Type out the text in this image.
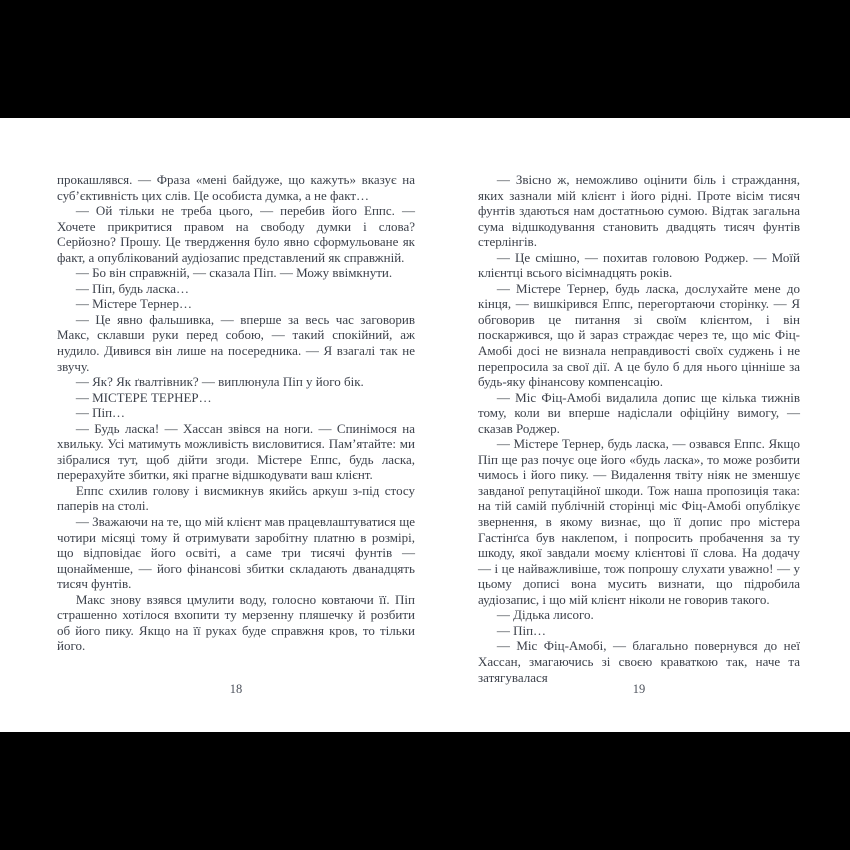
прокашлявся. — Фраза «мені байдуже, що кажуть» вказує на суб’єктивність цих слів. Це особиста думка, а не факт…

— Ой тільки не треба цього, — перебив його Еппс. — Хочете прикритися правом на свободу думки і слова? Серйозно? Прошу. Це твердження було явно сформульоване як факт, а опублікований аудіозапис представлений як справжній.

— Бо він справжній, — сказала Піп. — Можу ввімкнути.

— Піп, будь ласка…

— Містере Тернер…

— Це явно фальшивка, — вперше за весь час заговорив Макс, склавши руки перед собою, — такий спокійний, аж нудило. Дивився він лише на посередника. — Я взагалі так не звучу.

— Як? Як ґвалтівник? — виплюнула Піп у його бік.

— МІСТЕРЕ ТЕРНЕР…

— Піп…

— Будь ласка! — Хассан звівся на ноги. — Спинімося на хвильку. Усі матимуть можливість висловитися. Пам’ятайте: ми зібралися тут, щоб дійти згоди. Містере Еппс, будь ласка, перерахуйте збитки, які прагне відшкодувати ваш клієнт.

Еппс схилив голову і висмикнув якийсь аркуш з-під стосу паперів на столі.

— Зважаючи на те, що мій клієнт мав працевлаштуватися ще чотири місяці тому й отримувати заробітну платню в розмірі, що відповідає його освіті, а саме три тисячі фунтів — щонайменше, — його фінансові збитки складають дванадцять тисяч фунтів.

Макс знову взявся цмулити воду, голосно ковтаючи її. Піп страшенно хотілося вхопити ту мерзенну пляшечку й розбити об його пику. Якщо на її руках буде справжня кров, то тільки його.

18

— Звісно ж, неможливо оцінити біль і страждання, яких зазнали мій клієнт і його рідні. Проте вісім тисяч фунтів здаються нам достатньою сумою. Відтак загальна сума відшкодування становить двадцять тисяч фунтів стерлінгів.

— Це смішно, — похитав головою Роджер. — Моїй клієнтці всього вісімнадцять років.

— Містере Тернер, будь ласка, дослухайте мене до кінця, — вишкірився Еппс, перегортаючи сторінку. — Я обговорив це питання зі своїм клієнтом, і він поскаржився, що й зараз страждає через те, що міс Фіц-Амобі досі не визнала неправдивості своїх суджень і не перепросила за свої дії. А це було б для нього цінніше за будь-яку фінансову компенсацію.

— Міс Фіц-Амобі видалила допис ще кілька тижнів тому, коли ви вперше надіслали офіційну вимогу, — сказав Роджер.

— Містере Тернер, будь ласка, — озвався Еппс. Якщо Піп ще раз почує оце його «будь ласка», то може розбити чимось і його пику. — Видалення твіту ніяк не зменшує завданої репутаційної шкоди. Тож наша пропозиція така: на тій самій публічній сторінці міс Фіц-Амобі опублікує звернення, в якому визнає, що її допис про містера Гастінґса був наклепом, і попросить пробачення за ту шкоду, якої завдали моєму клієнтові її слова. На додачу — і це найважливіше, тож попрошу слухати уважно! — у цьому дописі вона мусить визнати, що підробила аудіозапис, і що мій клієнт ніколи не говорив такого.

— Дідька лисого.

— Піп…

— Міс Фіц-Амобі, — благально повернувся до неї Хассан, змагаючись зі своєю краваткою так, наче та затягувалася

19
